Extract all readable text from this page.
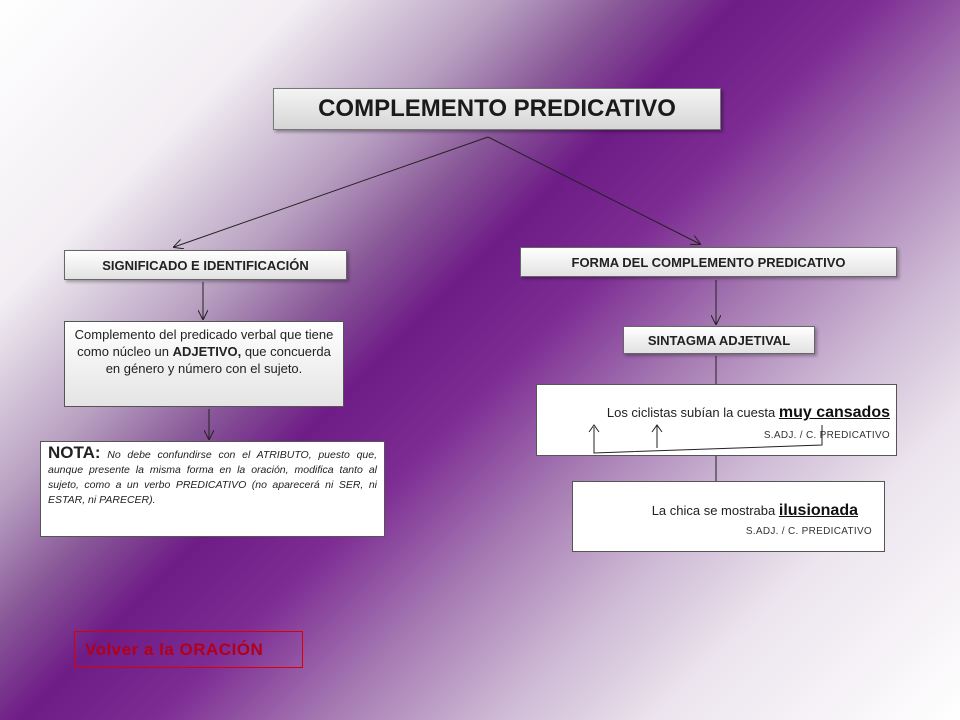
COMPLEMENTO PREDICATIVO
SIGNIFICADO E IDENTIFICACIÓN
Complemento del predicado verbal que tiene como núcleo un ADJETIVO, que concuerda en género y número con el sujeto.
NOTA: No debe confundirse con el ATRIBUTO, puesto que, aunque presente la misma forma en la oración, modifica tanto al sujeto, como a un verbo PREDICATIVO (no aparecerá ni SER, ni ESTAR, ni PARECER).
FORMA DEL COMPLEMENTO PREDICATIVO
SINTAGMA ADJETIVAL
Los ciclistas subían la cuesta muy cansados
S.ADJ. / C. PREDICATIVO
La chica se mostraba ilusionada
S.ADJ. / C. PREDICATIVO
Volver a la ORACIÓN
